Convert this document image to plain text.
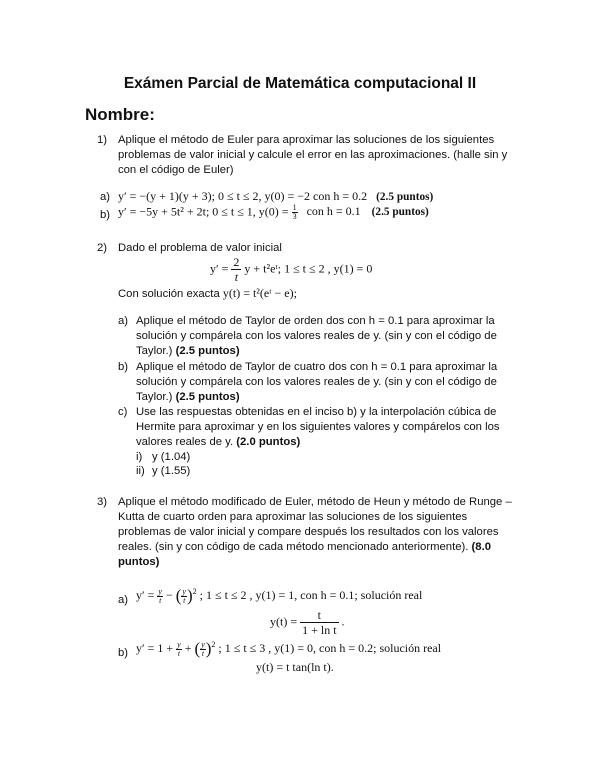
Exámen Parcial de Matemática computacional II
Nombre:
1) Aplique el método de Euler para aproximar las soluciones de los siguientes
problemas de valor inicial y calcule el error en las aproximaciones. (halle sin y
con el código de Euler)
a) y′ = −(y + 1)(y + 3); 0 ≤ t ≤ 2, y(0) = −2 con h = 0.2 (2.5 puntos)
b) y′ = −5y + 5t² + 2t; 0 ≤ t ≤ 1, $y(0) = \frac{1}{3}$ con h = 0.1 (2.5 puntos)
2) Dado el problema de valor inicial
$y' = \frac{2}{t}$ y + t²eᵗ; 1 ≤ t ≤ 2 , y(1) = 0
Con solución exacta y(t) = t²(eᵗ − e);
a) Aplique el método de Taylor de orden dos con h = 0.1 para aproximar la
solución y compárela con los valores reales de y. (sin y con el código de
Taylor.) (2.5 puntos)
b) Aplique el método de Taylor de cuatro dos con h = 0.1 para aproximar la
solución y compárela con los valores reales de y. (sin y con el código de
Taylor.) (2.5 puntos)
c) Use las respuestas obtenidas en el inciso b) y la interpolación cúbica de
Hermite para aproximar y en los siguientes valores y compárelos con los
valores reales de y. (2.0 puntos)
i) y (1.04)
ii) y (1.55)
3) Aplique el método modificado de Euler, método de Heun y método de Runge –
Kutta de cuarto orden para aproximar las soluciones de los siguientes
problemas de valor inicial y compare después los resultados con los valores
reales. (sin y con código de cada método mencionado anteriormente). (8.0
puntos)
a) $y' = \frac{y}{t}$ − ( $\frac{y}{t} )^2$ ; 1 ≤ t ≤ 2 , y(1) = 1, con h = 0.1; solución real
$y(t) = \frac{t}{\text{1 + ln t}}$ .
b) $y' = 1 + \frac{y}{t}$ + ( $\frac{y}{t} )^2$ ; 1 ≤ t ≤ 3 , y(1) = 0, con h = 0.2; solución real
y(t) = t tan(ln t).
